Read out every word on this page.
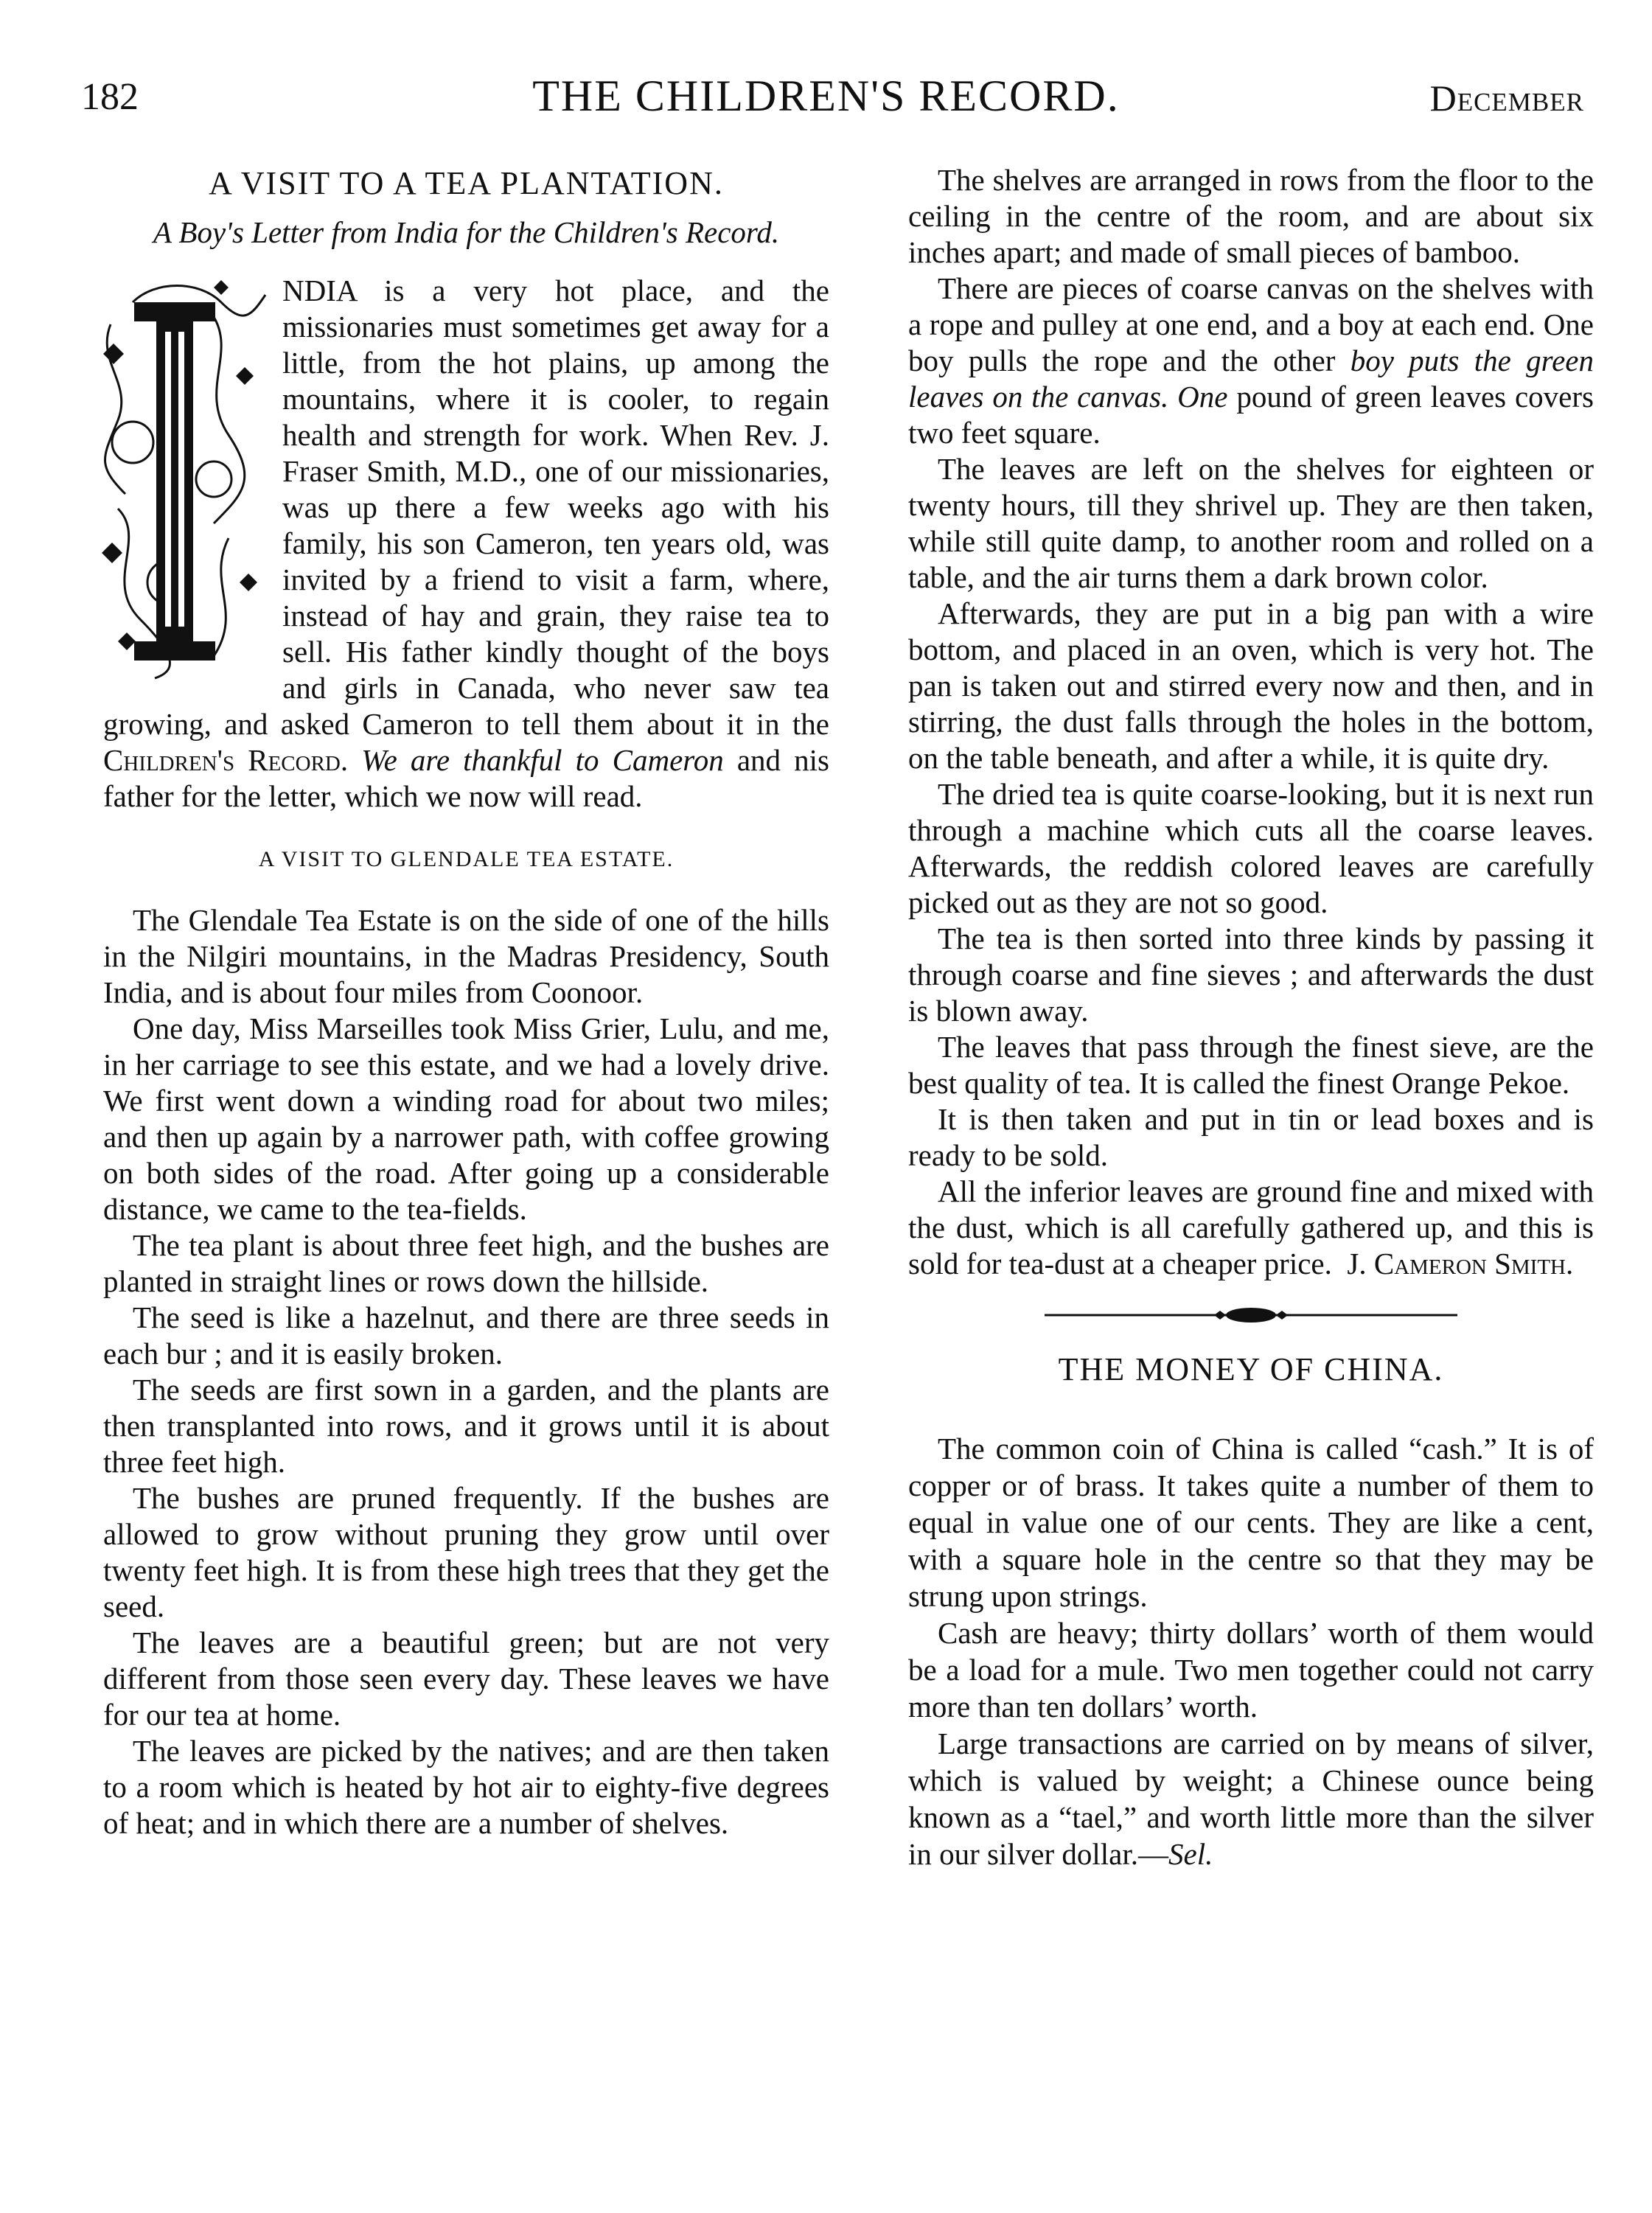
182	THE CHILDREN'S RECORD.	December
A VISIT TO A TEA PLANTATION.
A Boy's Letter from India for the Children's Record.

NDIA is a very hot place, and the missionaries must sometimes get away for a little, from the hot plains, up among the mountains, where it is cooler, to regain health and strength for work. When Rev. J. Fraser Smith, M.D., one of our missionaries, was up there a few weeks ago with his family, his son Cameron, ten years old, was invited by a friend to visit a farm, where, instead of hay and grain, they raise tea to sell. His father kindly thought of the boys and girls in Canada, who never saw tea growing, and asked Cameron to tell them about it in the Children's Record. We are thankful to Cameron and nis father for the letter, which we now will read.

A VISIT TO GLENDALE TEA ESTATE.

The Glendale Tea Estate is on the side of one of the hills in the Nilgiri mountains, in the Madras Presidency, South India, and is about four miles from Coonoor.

One day, Miss Marseilles took Miss Grier, Lulu, and me, in her carriage to see this estate, and we had a lovely drive. We first went down a winding road for about two miles; and then up again by a narrower path, with coffee growing on both sides of the road. After going up a considerable distance, we came to the tea-fields.

The tea plant is about three feet high, and the bushes are planted in straight lines or rows down the hillside.

The seed is like a hazelnut, and there are three seeds in each bur ; and it is easily broken.

The seeds are first sown in a garden, and the plants are then transplanted into rows, and it grows until it is about three feet high.

The bushes are pruned frequently. If the bushes are allowed to grow without pruning they grow until over twenty feet high. It is from these high trees that they get the seed.

The leaves are a beautiful green; but are not very different from those seen every day. These leaves we have for our tea at home.

The leaves are picked by the natives; and are then taken to a room which is heated by hot air to eighty-five degrees of heat; and in which there are a number of shelves.

The shelves are arranged in rows from the floor to the ceiling in the centre of the room, and are about six inches apart; and made of small pieces of bamboo.

There are pieces of coarse canvas on the shelves with a rope and pulley at one end, and a boy at each end. One boy pulls the rope and the other boy puts the green leaves on the canvas. One pound of green leaves covers two feet square.

The leaves are left on the shelves for eighteen or twenty hours, till they shrivel up. They are then taken, while still quite damp, to another room and rolled on a table, and the air turns them a dark brown color.

Afterwards, they are put in a big pan with a wire bottom, and placed in an oven, which is very hot. The pan is taken out and stirred every now and then, and in stirring, the dust falls through the holes in the bottom, on the table beneath, and after a while, it is quite dry.

The dried tea is quite coarse-looking, but it is next run through a machine which cuts all the coarse leaves. Afterwards, the reddish colored leaves are carefully picked out as they are not so good.

The tea is then sorted into three kinds by passing it through coarse and fine sieves ; and afterwards the dust is blown away.

The leaves that pass through the finest sieve, are the best quality of tea. It is called the finest Orange Pekoe.

It is then taken and put in tin or lead boxes and is ready to be sold.

All the inferior leaves are ground fine and mixed with the dust, which is all carefully gathered up, and this is sold for tea-dust at a cheaper price. J. Cameron Smith.

THE MONEY OF CHINA.

The common coin of China is called “cash.” It is of copper or of brass. It takes quite a number of them to equal in value one of our cents. They are like a cent, with a square hole in the centre so that they may be strung upon strings.

Cash are heavy; thirty dollars’ worth of them would be a load for a mule. Two men together could not carry more than ten dollars’ worth.

Large transactions are carried on by means of silver, which is valued by weight; a Chinese ounce being known as a “tael,” and worth little more than the silver in our silver dollar.—Sel.
